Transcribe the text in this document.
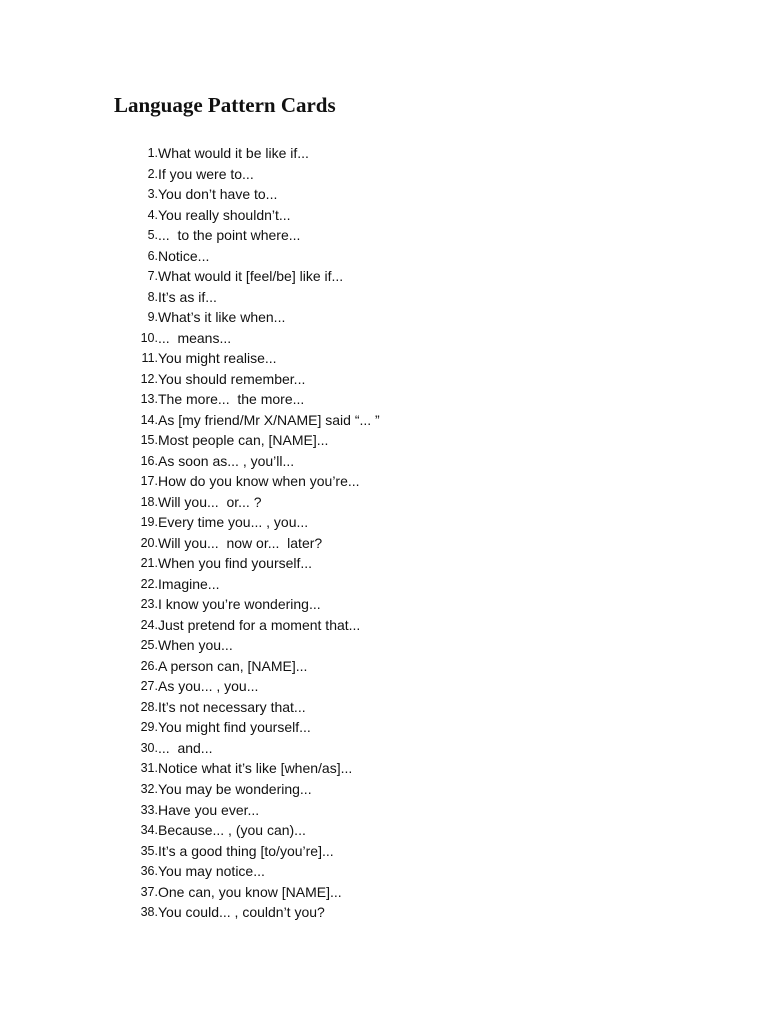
Language Pattern Cards
1. What would it be like if...
2. If you were to...
3. You don’t have to...
4. You really shouldn’t...
5. ...  to the point where...
6. Notice...
7. What would it [feel/be] like if...
8. It’s as if...
9. What’s it like when...
10. ...  means...
11. You might realise...
12. You should remember...
13. The more...  the more...
14. As [my friend/Mr X/NAME] said “... ”
15. Most people can, [NAME]...
16. As soon as... , you’ll...
17. How do you know when you’re...
18. Will you...  or... ?
19. Every time you... , you...
20. Will you...  now or...  later?
21. When you find yourself...
22. Imagine...
23. I know you’re wondering...
24. Just pretend for a moment that...
25. When you...
26. A person can, [NAME]...
27. As you... , you...
28. It’s not necessary that...
29. You might find yourself...
30. ...  and...
31. Notice what it’s like [when/as]...
32. You may be wondering...
33. Have you ever...
34. Because... , (you can)...
35. It’s a good thing [to/you’re]...
36. You may notice...
37. One can, you know [NAME]...
38. You could... , couldn’t you?
